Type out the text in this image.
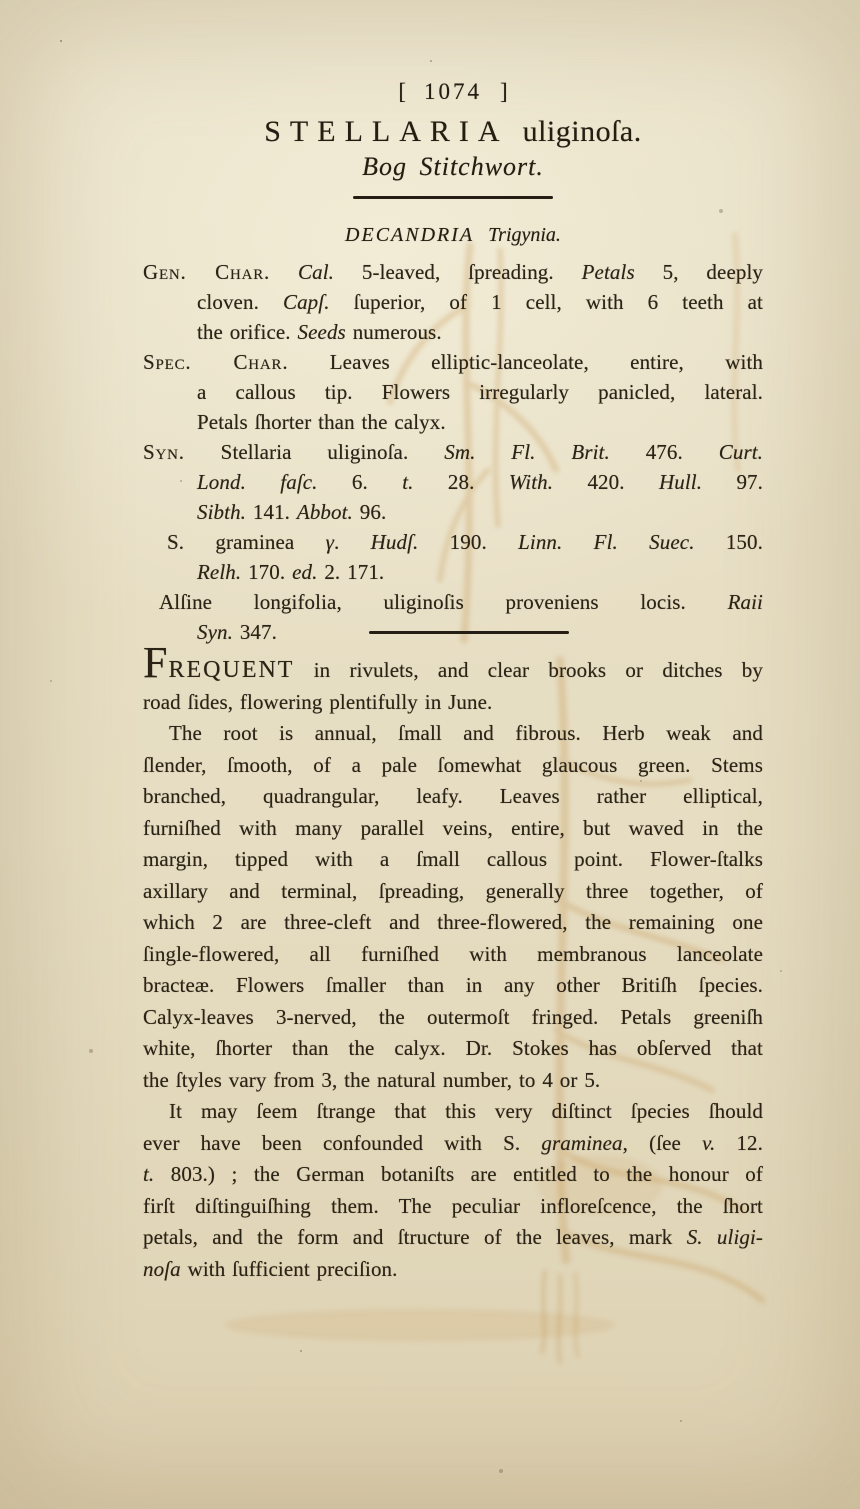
[ 1074 ]
STELLARIA uliginoſa.
Bog Stitchwort.
DECANDRIA Trigynia.
Gen. Char. Cal. 5-leaved, ſpreading. Petals 5, deeply
cloven. Capſ. ſuperior, of 1 cell, with 6 teeth at
the orifice. Seeds numerous.
Spec. Char. Leaves elliptic-lanceolate, entire, with
a callous tip. Flowers irregularly panicled, lateral.
Petals ſhorter than the calyx.
Syn. Stellaria uliginoſa. Sm. Fl. Brit. 476. Curt.
Lond. faſc. 6. t. 28. With. 420. Hull. 97.
Sibth. 141. Abbot. 96.
S. graminea γ. Hudſ. 190. Linn. Fl. Suec. 150.
Relh. 170. ed. 2. 171.
Alſine longifolia, uliginoſis proveniens locis. Raii
Syn. 347.
FREQUENT in rivulets, and clear brooks or ditches by
road ſides, flowering plentifully in June.
The root is annual, ſmall and fibrous. Herb weak and
ſlender, ſmooth, of a pale ſomewhat glaucous green. Stems
branched, quadrangular, leafy. Leaves rather elliptical,
furniſhed with many parallel veins, entire, but waved in the
margin, tipped with a ſmall callous point. Flower-ſtalks
axillary and terminal, ſpreading, generally three together, of
which 2 are three-cleft and three-flowered, the remaining one
ſingle-flowered, all furniſhed with membranous lanceolate
bracteæ. Flowers ſmaller than in any other Britiſh ſpecies.
Calyx-leaves 3-nerved, the outermoſt fringed. Petals greeniſh
white, ſhorter than the calyx. Dr. Stokes has obſerved that
the ſtyles vary from 3, the natural number, to 4 or 5.
It may ſeem ſtrange that this very diſtinct ſpecies ſhould
ever have been confounded with S. graminea, (ſee v. 12.
t. 803.) ; the German botaniſts are entitled to the honour of
firſt diſtinguiſhing them. The peculiar infloreſcence, the ſhort
petals, and the form and ſtructure of the leaves, mark S. uligi-
noſa with ſufficient preciſion.
